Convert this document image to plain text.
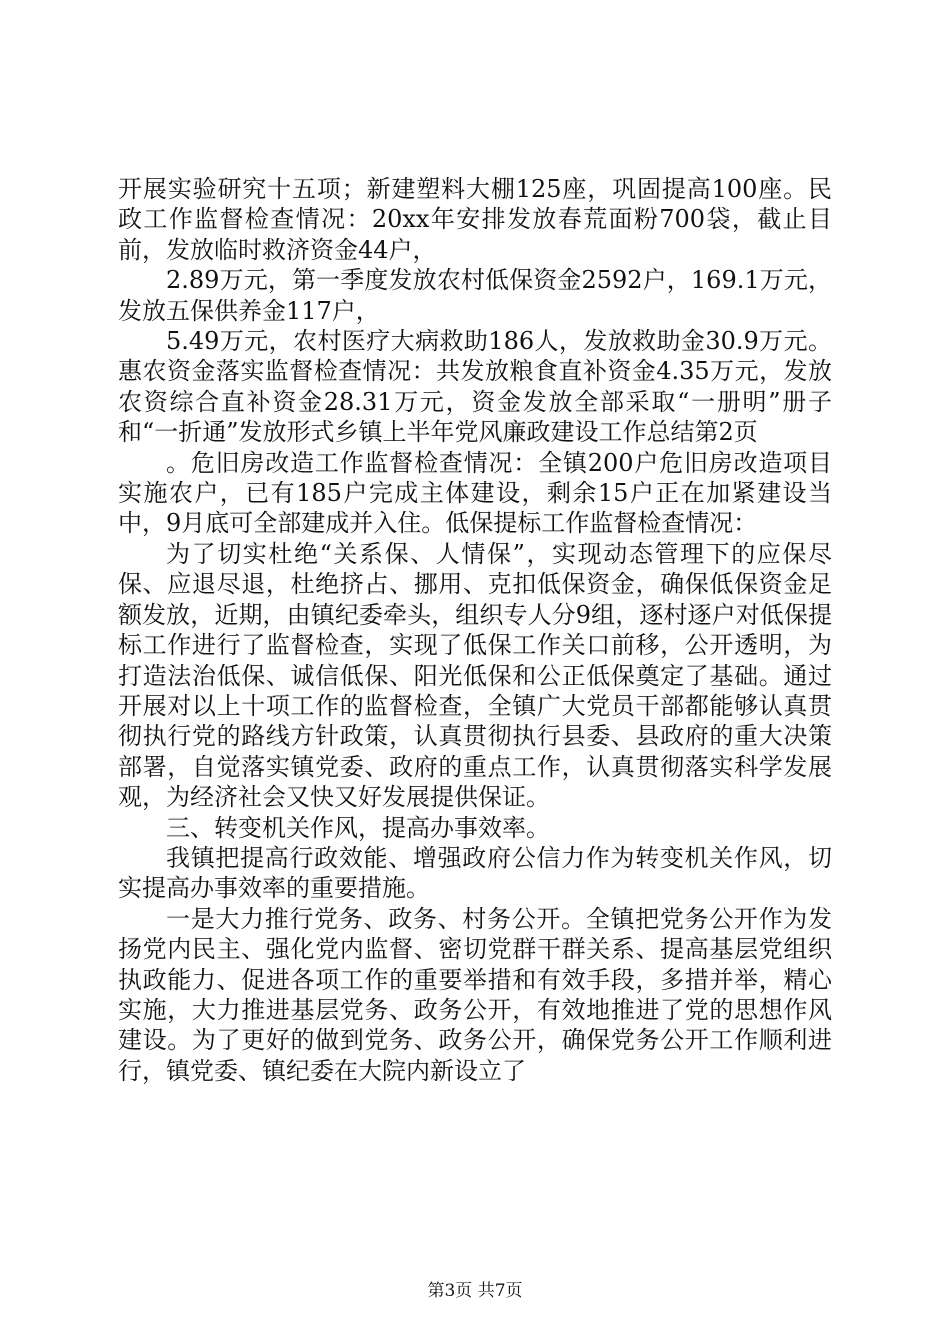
开展实验研究十五项；新建塑料大棚125座，巩固提高100座。民政工作监督检查情况：20xx年安排发放春荒面粉700袋，截止目前，发放临时救济资金44户，

2.89万元，第一季度发放农村低保资金2592户，169.1万元，发放五保供养金117户，

5.49万元，农村医疗大病救助186人，发放救助金30.9万元。惠农资金落实监督检查情况：共发放粮食直补资金4.35万元，发放农资综合直补资金28.31万元，资金发放全部采取“一册明”册子和“一折通”发放形式乡镇上半年党风廉政建设工作总结第2页

。危旧房改造工作监督检查情况：全镇200户危旧房改造项目实施农户，已有185户完成主体建设，剩余15户正在加紧建设当中，9月底可全部建成并入住。低保提标工作监督检查情况：

为了切实杜绝“关系保、人情保”，实现动态管理下的应保尽保、应退尽退，杜绝挤占、挪用、克扣低保资金，确保低保资金足额发放，近期，由镇纪委牵头，组织专人分9组，逐村逐户对低保提标工作进行了监督检查，实现了低保工作关口前移，公开透明，为打造法治低保、诚信低保、阳光低保和公正低保奠定了基础。通过开展对以上十项工作的监督检查，全镇广大党员干部都能够认真贯彻执行党的路线方针政策，认真贯彻执行县委、县政府的重大决策部署，自觉落实镇党委、政府的重点工作，认真贯彻落实科学发展观，为经济社会又快又好发展提供保证。

三、转变机关作风，提高办事效率。

我镇把提高行政效能、增强政府公信力作为转变机关作风，切实提高办事效率的重要措施。

一是大力推行党务、政务、村务公开。全镇把党务公开作为发扬党内民主、强化党内监督、密切党群干群关系、提高基层党组织执政能力、促进各项工作的重要举措和有效手段，多措并举，精心实施，大力推进基层党务、政务公开，有效地推进了党的思想作风建设。为了更好的做到党务、政务公开，确保党务公开工作顺利进行，镇党委、镇纪委在大院内新设立了

第3页 共7页
